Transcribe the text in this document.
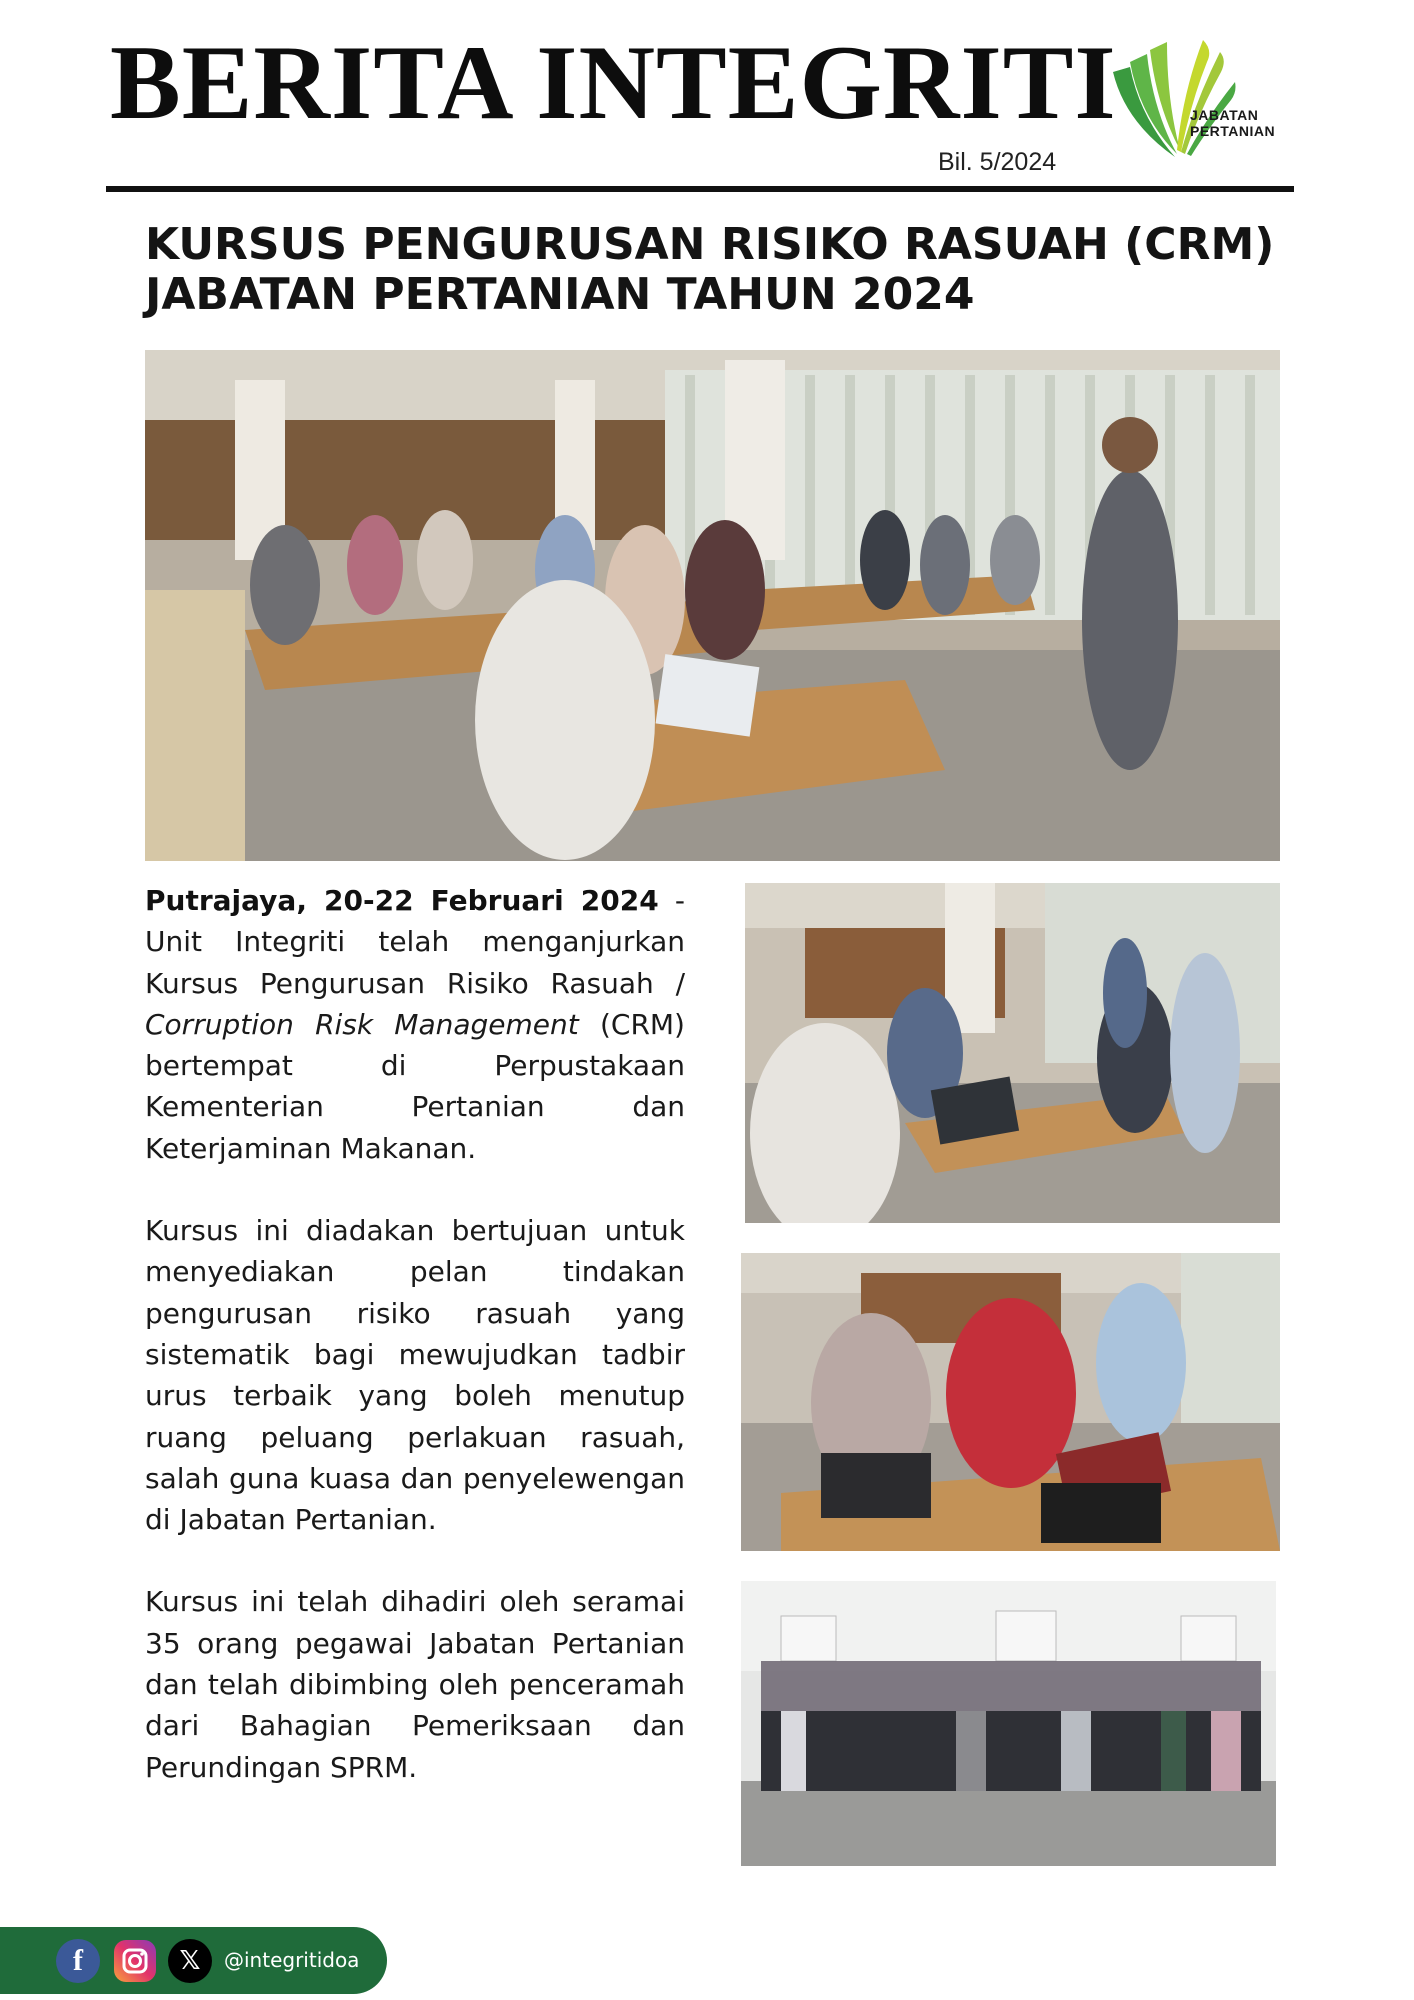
BERITA INTEGRITI
Bil. 5/2024
JABATAN
PERTANIAN
KURSUS PENGURUSAN RISIKO RASUAH (CRM)
JABATAN PERTANIAN TAHUN 2024

Putrajaya, 20-22 Februari 2024 - Unit Integriti telah menganjurkan Kursus Pengurusan Risiko Rasuah / Corruption Risk Management (CRM) bertempat di Perpustakaan Kementerian Pertanian dan Keterjaminan Makanan.

Kursus ini diadakan bertujuan untuk menyediakan pelan tindakan pengurusan risiko rasuah yang sistematik bagi mewujudkan tadbir urus terbaik yang boleh menutup ruang peluang perlakuan rasuah, salah guna kuasa dan penyelewengan di Jabatan Pertanian.

Kursus ini telah dihadiri oleh seramai 35 orang pegawai Jabatan Pertanian dan telah dibimbing oleh penceramah dari Bahagian Pemeriksaan dan Perundingan SPRM.

f	𝕏	@integritidoa
